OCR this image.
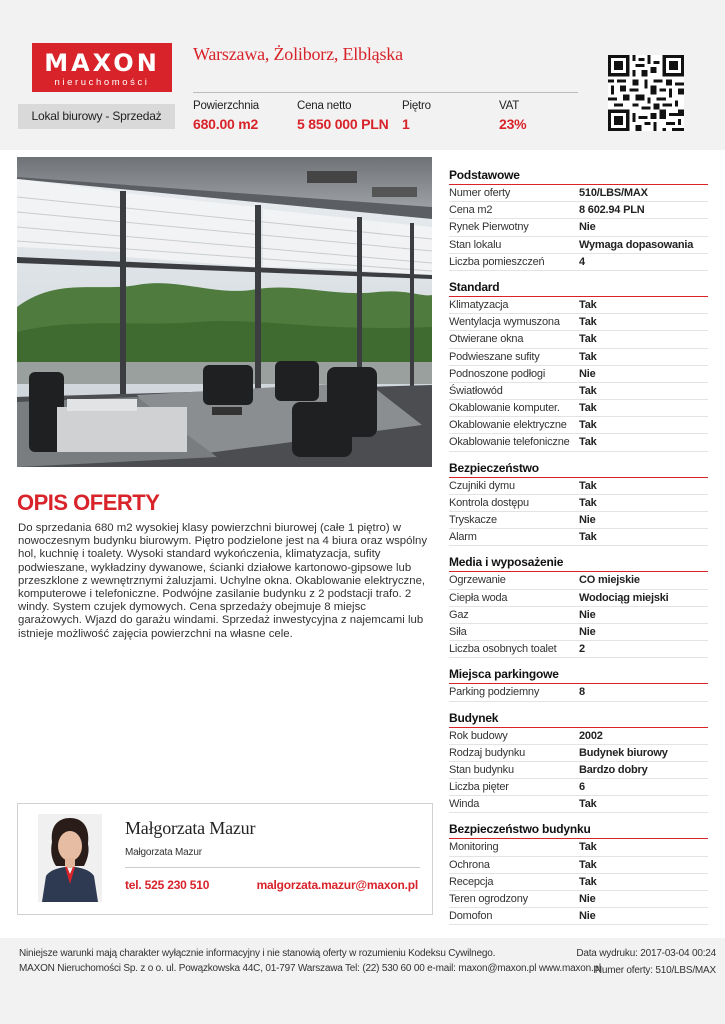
MAXON
nieruchomości
Warszawa, Żoliborz, Elbląska
Lokal biurowy - Sprzedaż
Powierzchnia
680.00 m2
Cena netto
5 850 000 PLN
Piętro
1
VAT
23%
OPIS OFERTY
Do sprzedania 680 m2 wysokiej klasy powierzchni biurowej (całe 1 piętro) w nowoczesnym budynku biurowym. Piętro podzielone jest na 4 biura oraz wspólny hol, kuchnię i toalety. Wysoki standard wykończenia, klimatyzacja, sufity podwieszane, wykładziny dywanowe, ścianki działowe kartonowo-gipsowe lub przeszklone z wewnętrznymi żaluzjami. Uchylne okna. Okablowanie elektryczne, komputerowe i telefoniczne. Podwójne zasilanie budynku z 2 podstacji trafo. 2 windy. System czujek dymowych. Cena sprzedaży obejmuje 8 miejsc garażowych. Wjazd do garażu windami. Sprzedaż inwestycyjna z najemcami lub istnieje możliwość zajęcia powierzchni na własne cele.
Małgorzata Mazur
Małgorzata Mazur
tel. 525 230 510	malgorzata.mazur@maxon.pl
Podstawowe
Numer oferty	510/LBS/MAX
Cena m2	8 602.94 PLN
Rynek Pierwotny	Nie
Stan lokalu	Wymaga dopasowania
Liczba pomieszczeń	4
Standard
Klimatyzacja	Tak
Wentylacja wymuszona	Tak
Otwierane okna	Tak
Podwieszane sufity	Tak
Podnoszone podłogi	Nie
Światłowód	Tak
Okablowanie komputer.	Tak
Okablowanie elektryczne	Tak
Okablowanie telefoniczne Tak
Bezpieczeństwo
Czujniki dymu	Tak
Kontrola dostępu	Tak
Tryskacze	Nie
Alarm	Tak
Media i wyposażenie
Ogrzewanie	CO miejskie
Ciepła woda	Wodociąg miejski
Gaz	Nie
Siła	Nie
Liczba osobnych toalet	2
Miejsca parkingowe
Parking podziemny	8
Budynek
Rok budowy	2002
Rodzaj budynku	Budynek biurowy
Stan budynku	Bardzo dobry
Liczba pięter	6
Winda	Tak
Bezpieczeństwo budynku
Monitoring	Tak
Ochrona	Tak
Recepcja	Tak
Teren ogrodzony	Nie
Domofon	Nie
Niniejsze warunki mają charakter wyłącznie informacyjny i nie stanowią oferty w rozumieniu Kodeksu Cywilnego.
MAXON Nieruchomości Sp. z o o. ul. Powązkowska 44C, 01-797 Warszawa Tel: (22) 530 60 00 e-mail: maxon@maxon.pl www.maxon.pl
Data wydruku: 2017-03-04 00:24
Numer oferty: 510/LBS/MAX
